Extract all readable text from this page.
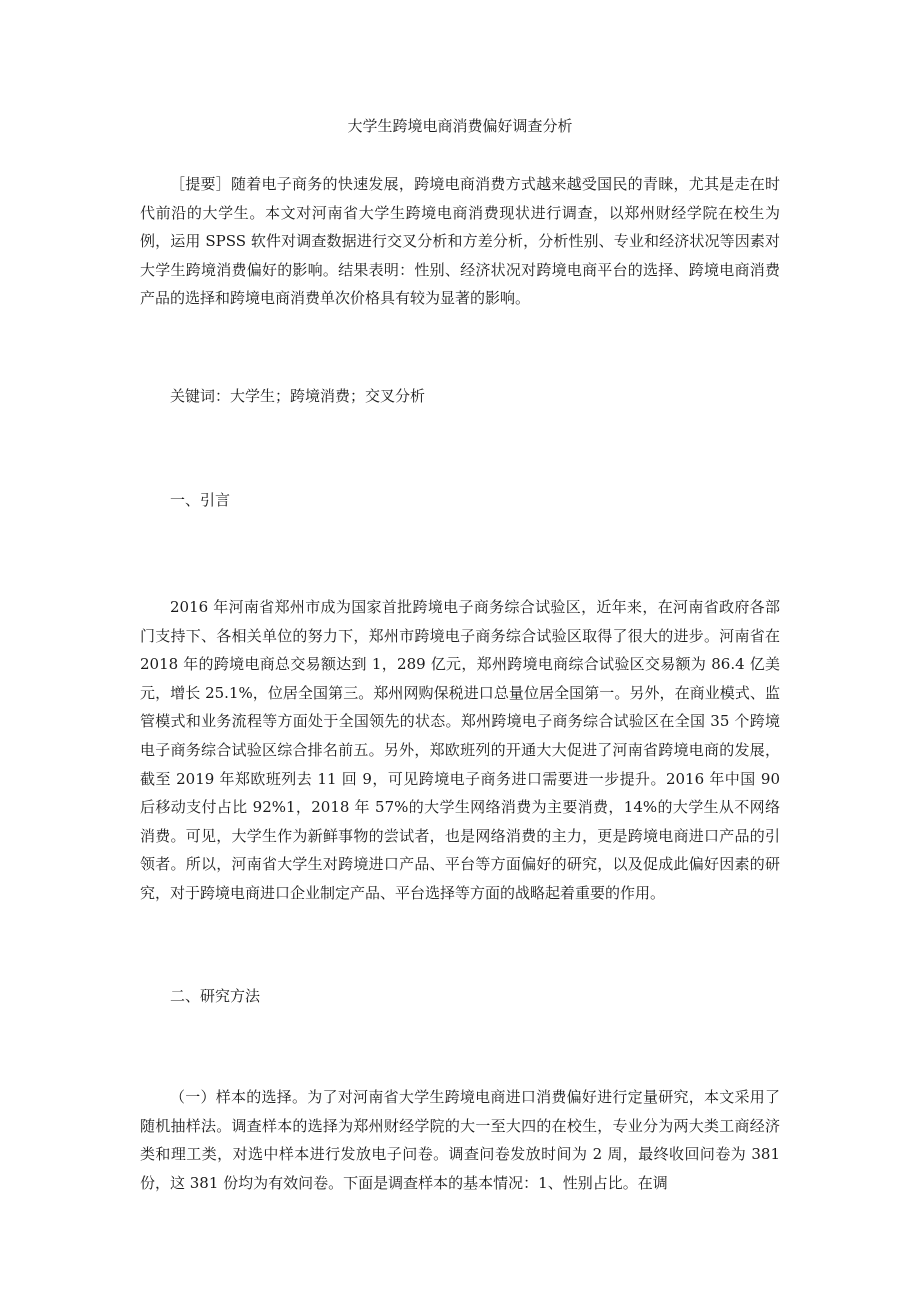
大学生跨境电商消费偏好调查分析

［提要］随着电子商务的快速发展，跨境电商消费方式越来越受国民的青睐，尤其是走在时代前沿的大学生。本文对河南省大学生跨境电商消费现状进行调查，以郑州财经学院在校生为例，运用 SPSS 软件对调查数据进行交叉分析和方差分析，分析性别、专业和经济状况等因素对大学生跨境消费偏好的影响。结果表明：性别、经济状况对跨境电商平台的选择、跨境电商消费产品的选择和跨境电商消费单次价格具有较为显著的影响。

关键词：大学生；跨境消费；交叉分析

一、引言

2016 年河南省郑州市成为国家首批跨境电子商务综合试验区，近年来，在河南省政府各部门支持下、各相关单位的努力下，郑州市跨境电子商务综合试验区取得了很大的进步。河南省在 2018 年的跨境电商总交易额达到 1，289 亿元，郑州跨境电商综合试验区交易额为 86.4 亿美元，增长 25.1%，位居全国第三。郑州网购保税进口总量位居全国第一。另外，在商业模式、监管模式和业务流程等方面处于全国领先的状态。郑州跨境电子商务综合试验区在全国 35 个跨境电子商务综合试验区综合排名前五。另外，郑欧班列的开通大大促进了河南省跨境电商的发展，截至 2019 年郑欧班列去 11 回 9，可见跨境电子商务进口需要进一步提升。2016 年中国 90 后移动支付占比 92%1，2018 年 57%的大学生网络消费为主要消费，14%的大学生从不网络消费。可见，大学生作为新鲜事物的尝试者，也是网络消费的主力，更是跨境电商进口产品的引领者。所以，河南省大学生对跨境进口产品、平台等方面偏好的研究，以及促成此偏好因素的研究，对于跨境电商进口企业制定产品、平台选择等方面的战略起着重要的作用。

二、研究方法

（一）样本的选择。为了对河南省大学生跨境电商进口消费偏好进行定量研究，本文采用了随机抽样法。调查样本的选择为郑州财经学院的大一至大四的在校生，专业分为两大类工商经济类和理工类，对选中样本进行发放电子问卷。调查问卷发放时间为 2 周，最终收回问卷为 381 份，这 381 份均为有效问卷。下面是调查样本的基本情况：1、性别占比。在调
